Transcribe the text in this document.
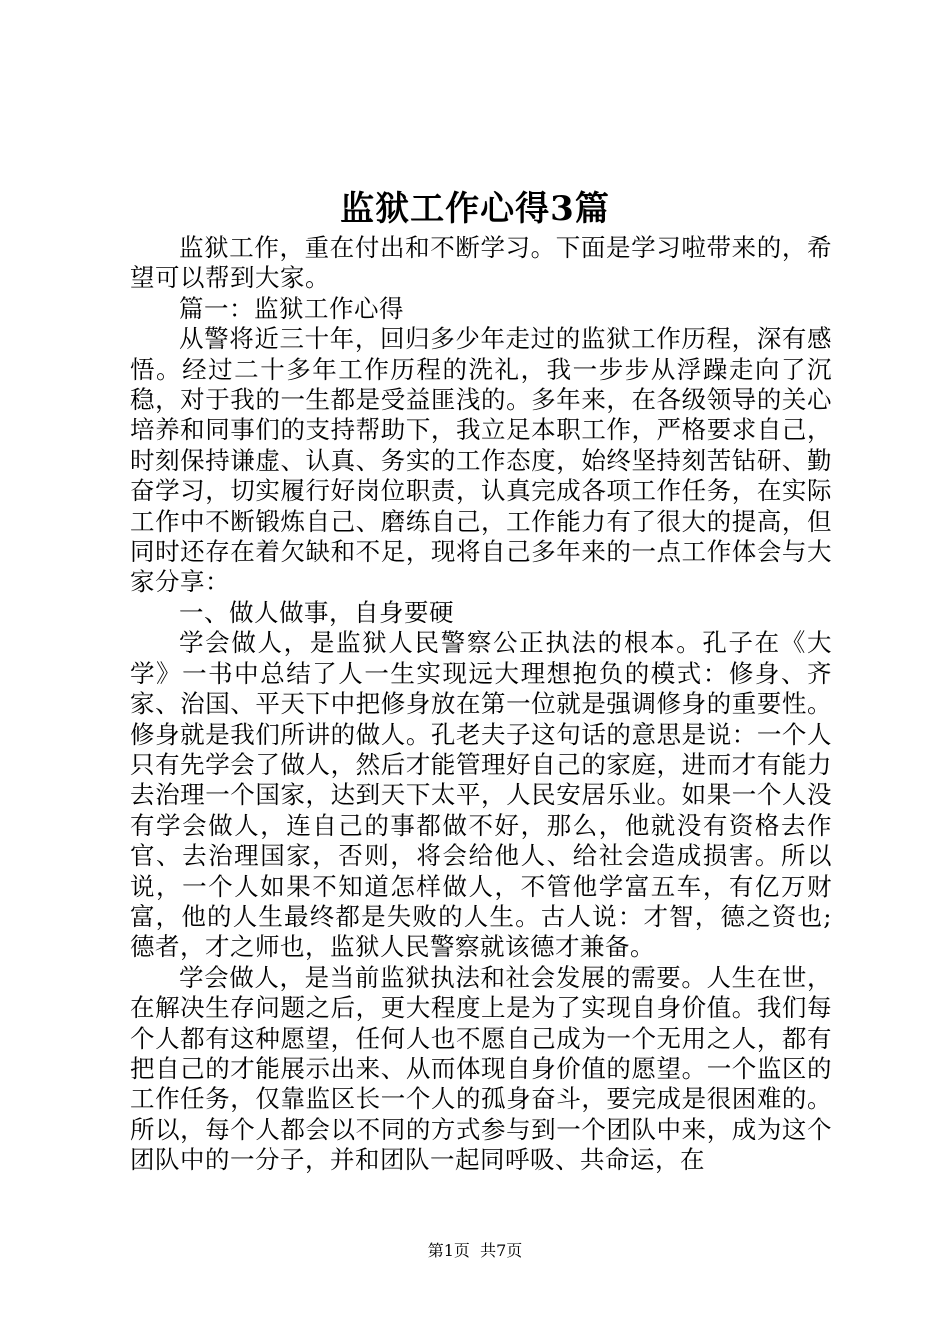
监狱工作心得3篇

监狱工作，重在付出和不断学习。下面是学习啦带来的，希望可以帮到大家。

篇一：监狱工作心得

从警将近三十年，回归多少年走过的监狱工作历程，深有感悟。经过二十多年工作历程的洗礼，我一步步从浮躁走向了沉稳，对于我的一生都是受益匪浅的。多年来，在各级领导的关心培养和同事们的支持帮助下，我立足本职工作，严格要求自己，时刻保持谦虚、认真、务实的工作态度，始终坚持刻苦钻研、勤奋学习，切实履行好岗位职责，认真完成各项工作任务，在实际工作中不断锻炼自己、磨练自己，工作能力有了很大的提高，但同时还存在着欠缺和不足，现将自己多年来的一点工作体会与大家分享：

一、做人做事，自身要硬

学会做人，是监狱人民警察公正执法的根本。孔子在《大学》一书中总结了人一生实现远大理想抱负的模式：修身、齐家、治国、平天下中把修身放在第一位就是强调修身的重要性。修身就是我们所讲的做人。孔老夫子这句话的意思是说：一个人只有先学会了做人，然后才能管理好自己的家庭，进而才有能力去治理一个国家，达到天下太平，人民安居乐业。如果一个人没有学会做人，连自己的事都做不好，那么，他就没有资格去作官、去治理国家，否则，将会给他人、给社会造成损害。所以说，一个人如果不知道怎样做人，不管他学富五车，有亿万财富，他的人生最终都是失败的人生。古人说：才智，德之资也;德者，才之师也，监狱人民警察就该德才兼备。

学会做人，是当前监狱执法和社会发展的需要。人生在世，在解决生存问题之后，更大程度上是为了实现自身价值。我们每个人都有这种愿望，任何人也不愿自己成为一个无用之人，都有把自己的才能展示出来、从而体现自身价值的愿望。一个监区的工作任务，仅靠监区长一个人的孤身奋斗，要完成是很困难的。所以，每个人都会以不同的方式参与到一个团队中来，成为这个团队中的一分子，并和团队一起同呼吸、共命运，在

第1页 共7页
